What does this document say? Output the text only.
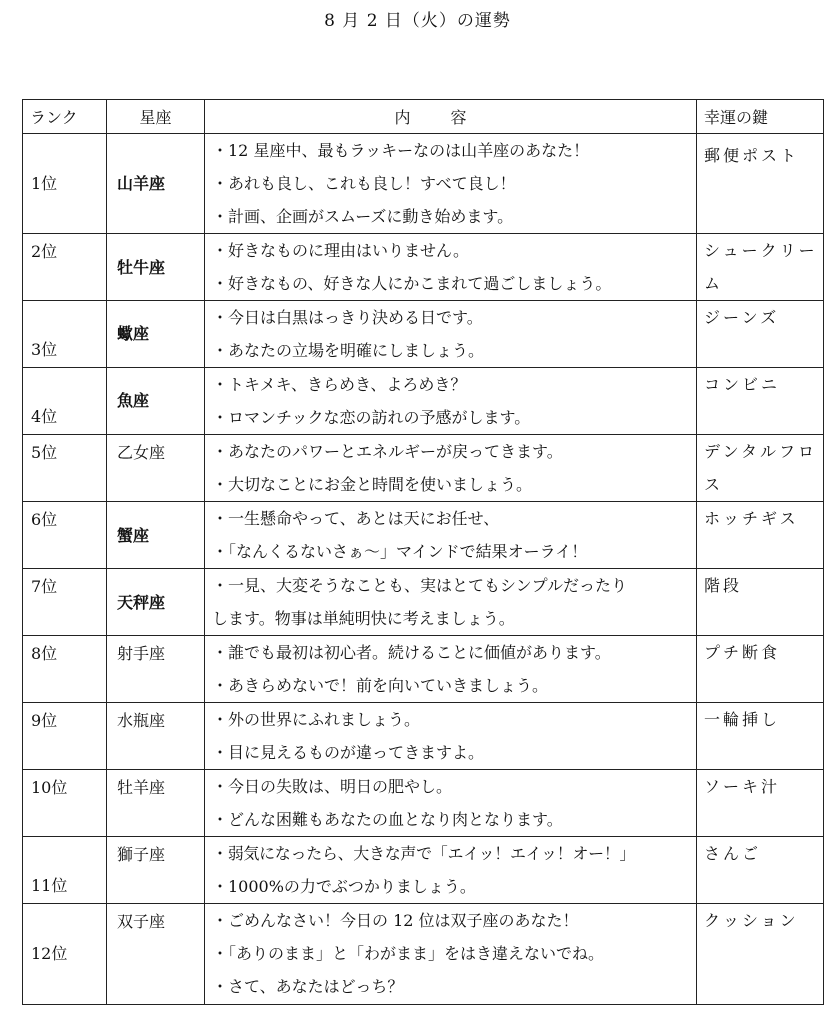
8 月 2 日（火）の運勢
ランク	星座	内容	幸運の鍵
1位	山羊座	・12 星座中、最もラッキーなのは山羊座のあなた！
・あれも良し、これも良し！すべて良し！
・計画、企画がスムーズに動き始めます。	郵便ポスト
2位	牡牛座	・好きなものに理由はいりません。
・好きなもの、好きな人にかこまれて過ごしましょう。	シュークリーム
3位	蠍座	・今日は白黒はっきり決める日です。
・あなたの立場を明確にしましょう。	ジーンズ
4位	魚座	・トキメキ、きらめき、よろめき？
・ロマンチックな恋の訪れの予感がします。	コンビニ
5位	乙女座	・あなたのパワーとエネルギーが戻ってきます。
・大切なことにお金と時間を使いましょう。	デンタルフロス
6位	蟹座	・一生懸命やって、あとは天にお任せ、
・「なんくるないさぁ～」マインドで結果オーライ！	ホッチギス
7位	天秤座	・一見、大変そうなことも、実はとてもシンプルだったり
します。物事は単純明快に考えましょう。	階段
8位	射手座	・誰でも最初は初心者。続けることに価値があります。
・あきらめないで！前を向いていきましょう。	プチ断食
9位	水瓶座	・外の世界にふれましょう。
・目に見えるものが違ってきますよ。	一輪挿し
10位	牡羊座	・今日の失敗は、明日の肥やし。
・どんな困難もあなたの血となり肉となります。	ソーキ汁
11位	獅子座	・弱気になったら、大きな声で「エイッ！エイッ！オー！」
・1000%の力でぶつかりましょう。	さんご
12位	双子座	・ごめんなさい！今日の 12 位は双子座のあなた！
・「ありのまま」と「わがまま」をはき違えないでね。
・さて、あなたはどっち？	クッション
